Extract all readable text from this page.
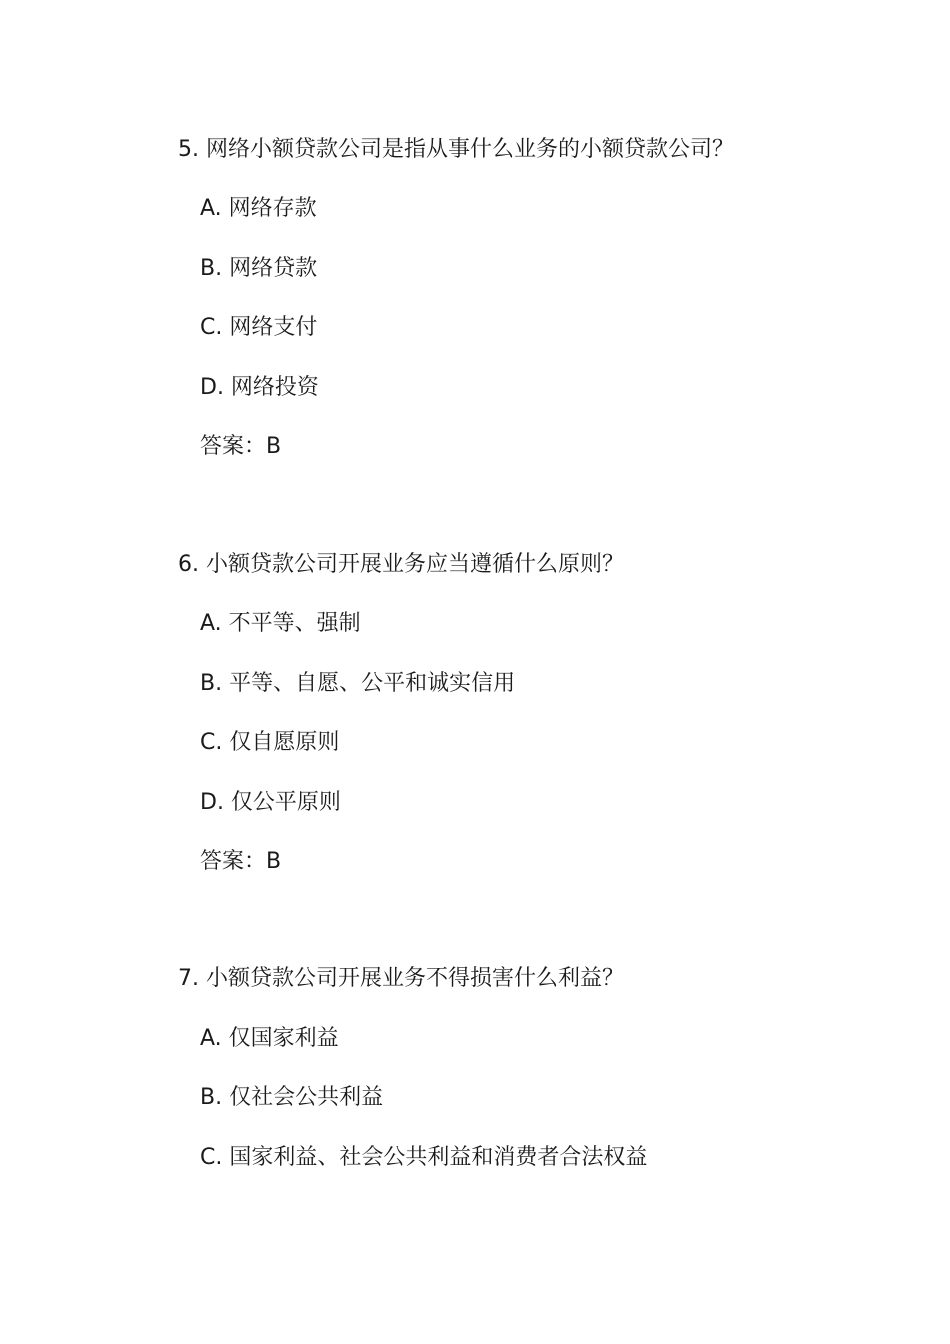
5. 网络小额贷款公司是指从事什么业务的小额贷款公司？
A. 网络存款
B. 网络贷款
C. 网络支付
D. 网络投资
答案：B
6. 小额贷款公司开展业务应当遵循什么原则？
A. 不平等、强制
B. 平等、自愿、公平和诚实信用
C. 仅自愿原则
D. 仅公平原则
答案：B
7. 小额贷款公司开展业务不得损害什么利益？
A. 仅国家利益
B. 仅社会公共利益
C. 国家利益、社会公共利益和消费者合法权益
